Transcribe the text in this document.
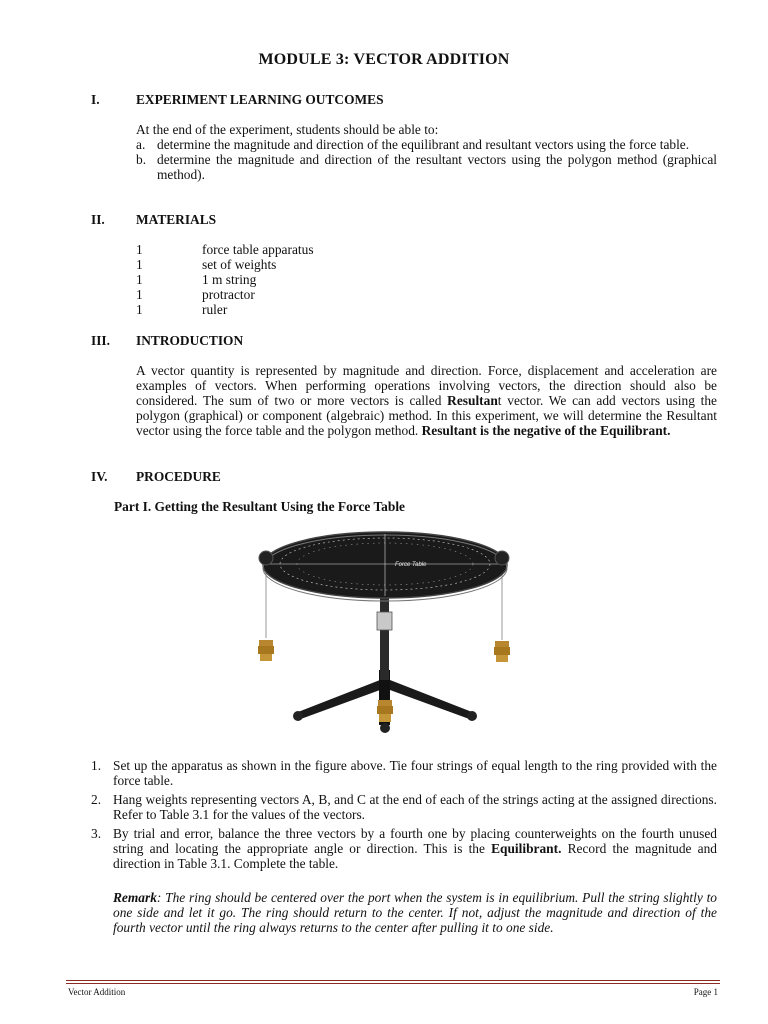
MODULE 3: VECTOR ADDITION
I.	EXPERIMENT LEARNING OUTCOMES
At the end of the experiment, students should be able to:
a. determine the magnitude and direction of the equilibrant and resultant vectors using the force table.
b. determine the magnitude and direction of the resultant vectors using the polygon method (graphical method).
II. MATERIALS
1	force table apparatus
1	set of weights
1	1 m string
1	protractor
1	ruler
III. INTRODUCTION
A vector quantity is represented by magnitude and direction. Force, displacement and acceleration are examples of vectors. When performing operations involving vectors, the direction should also be considered. The sum of two or more vectors is called Resultant vector. We can add vectors using the polygon (graphical) or component (algebraic) method. In this experiment, we will determine the Resultant vector using the force table and the polygon method. Resultant is the negative of the Equilibrant.
IV. PROCEDURE
Part I. Getting the Resultant Using the Force Table
Force Table
1. Set up the apparatus as shown in the figure above. Tie four strings of equal length to the ring provided with the force table.
2. Hang weights representing vectors A, B, and C at the end of each of the strings acting at the assigned directions. Refer to Table 3.1 for the values of the vectors.
3. By trial and error, balance the three vectors by a fourth one by placing counterweights on the fourth unused string and locating the appropriate angle or direction. This is the Equilibrant. Record the magnitude and direction in Table 3.1. Complete the table.
Remark: The ring should be centered over the port when the system is in equilibrium. Pull the string slightly to one side and let it go. The ring should return to the center. If not, adjust the magnitude and direction of the fourth vector until the ring always returns to the center after pulling it to one side.
Vector Addition	Page 1
